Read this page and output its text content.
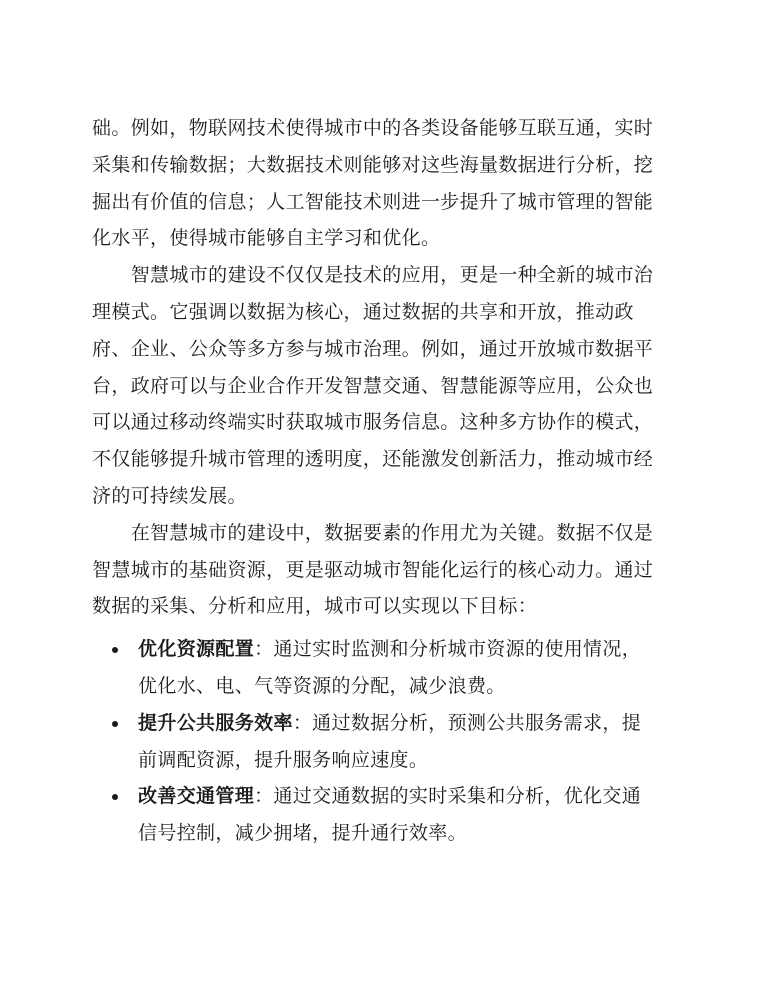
础。例如，物联网技术使得城市中的各类设备能够互联互通，实时
采集和传输数据；大数据技术则能够对这些海量数据进行分析，挖
掘出有价值的信息；人工智能技术则进一步提升了城市管理的智能
化水平，使得城市能够自主学习和优化。

　　智慧城市的建设不仅仅是技术的应用，更是一种全新的城市治
理模式。它强调以数据为核心，通过数据的共享和开放，推动政
府、企业、公众等多方参与城市治理。例如，通过开放城市数据平
台，政府可以与企业合作开发智慧交通、智慧能源等应用，公众也
可以通过移动终端实时获取城市服务信息。这种多方协作的模式，
不仅能够提升城市管理的透明度，还能激发创新活力，推动城市经
济的可持续发展。

　　在智慧城市的建设中，数据要素的作用尤为关键。数据不仅是
智慧城市的基础资源，更是驱动城市智能化运行的核心动力。通过
数据的采集、分析和应用，城市可以实现以下目标：

优化资源配置：通过实时监测和分析城市资源的使用情况，
优化水、电、气等资源的分配，减少浪费。
提升公共服务效率：通过数据分析，预测公共服务需求，提
前调配资源，提升服务响应速度。
改善交通管理：通过交通数据的实时采集和分析，优化交通
信号控制，减少拥堵，提升通行效率。
